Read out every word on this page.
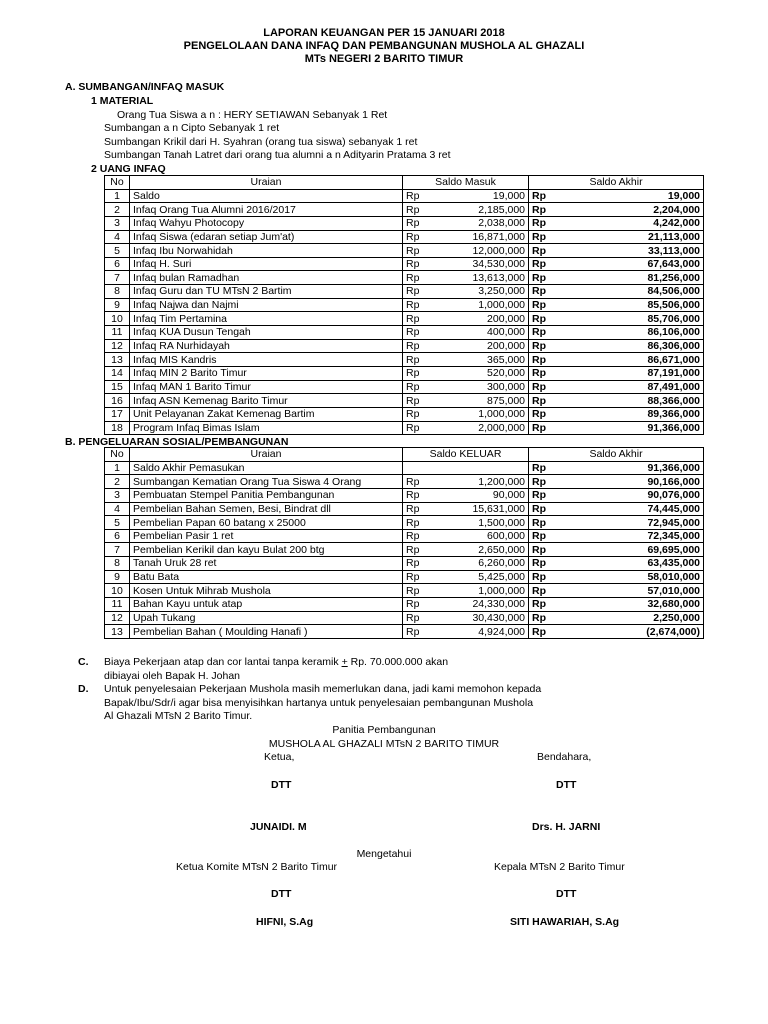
LAPORAN KEUANGAN PER 15 JANUARI 2018
PENGELOLAAN DANA INFAQ DAN PEMBANGUNAN MUSHOLA AL GHAZALI
MTs NEGERI 2 BARITO TIMUR
A. SUMBANGAN/INFAQ MASUK
1 MATERIAL
Orang Tua Siswa a n : HERY SETIAWAN Sebanyak 1 Ret
Sumbangan a n Cipto Sebanyak 1 ret
Sumbangan Krikil dari H. Syahran (orang tua siswa) sebanyak 1 ret
Sumbangan Tanah Latret dari orang tua alumni a n Adityarin Pratama 3 ret
2 UANG INFAQ
No	Uraian	Saldo Masuk		Saldo Akhir	
1	Saldo	Rp	19,000	Rp	19,000
2	Infaq Orang Tua Alumni 2016/2017	Rp	2,185,000	Rp	2,204,000
3	Infaq Wahyu Photocopy	Rp	2,038,000	Rp	4,242,000
4	Infaq Siswa (edaran setiap Jum'at)	Rp	16,871,000	Rp	21,113,000
5	Infaq Ibu Norwahidah	Rp	12,000,000	Rp	33,113,000
6	Infaq H. Suri	Rp	34,530,000	Rp	67,643,000
7	Infaq bulan Ramadhan	Rp	13,613,000	Rp	81,256,000
8	Infaq Guru dan TU MTsN 2 Bartim	Rp	3,250,000	Rp	84,506,000
9	Infaq Najwa dan Najmi	Rp	1,000,000	Rp	85,506,000
10	Infaq Tim Pertamina	Rp	200,000	Rp	85,706,000
11	Infaq KUA Dusun Tengah	Rp	400,000	Rp	86,106,000
12	Infaq RA Nurhidayah	Rp	200,000	Rp	86,306,000
13	Infaq MIS Kandris	Rp	365,000	Rp	86,671,000
14	Infaq MIN 2 Barito Timur	Rp	520,000	Rp	87,191,000
15	Infaq MAN 1 Barito Timur	Rp	300,000	Rp	87,491,000
16	Infaq ASN Kemenag Barito Timur	Rp	875,000	Rp	88,366,000
17	Unit Pelayanan Zakat Kemenag Bartim	Rp	1,000,000	Rp	89,366,000
18	Program Infaq Bimas Islam	Rp	2,000,000	Rp	91,366,000
B. PENGELUARAN SOSIAL/PEMBANGUNAN
No	Uraian	Saldo KELUAR		Saldo Akhir	
1	Saldo Akhir Pemasukan			Rp	91,366,000
2	Sumbangan Kematian Orang Tua Siswa 4 Orang	Rp	1,200,000	Rp	90,166,000
3	Pembuatan Stempel Panitia Pembangunan	Rp	90,000	Rp	90,076,000
4	Pembelian Bahan Semen, Besi, Bindrat dll	Rp	15,631,000	Rp	74,445,000
5	Pembelian Papan 60 batang x 25000	Rp	1,500,000	Rp	72,945,000
6	Pembelian Pasir 1 ret	Rp	600,000	Rp	72,345,000
7	Pembelian Kerikil dan kayu Bulat 200 btg	Rp	2,650,000	Rp	69,695,000
8	Tanah Uruk 28 ret	Rp	6,260,000	Rp	63,435,000
9	Batu Bata	Rp	5,425,000	Rp	58,010,000
10	Kosen Untuk Mihrab Mushola	Rp	1,000,000	Rp	57,010,000
11	Bahan Kayu untuk atap	Rp	24,330,000	Rp	32,680,000
12	Upah Tukang	Rp	30,430,000	Rp	2,250,000
13	Pembelian Bahan ( Moulding Hanafi )	Rp	4,924,000	Rp	(2,674,000)
C. Biaya Pekerjaan atap dan cor lantai tanpa keramik + Rp. 70.000.000 akan
dibiayai oleh Bapak H. Johan
D. Untuk penyelesaian Pekerjaan Mushola masih memerlukan dana, jadi kami memohon kepada
Bapak/Ibu/Sdr/i agar bisa menyisihkan hartanya untuk penyelesaian pembangunan Mushola
Al Ghazali MTsN 2 Barito Timur.
Panitia Pembangunan
MUSHOLA AL GHAZALI MTsN 2 BARITO TIMUR
Ketua,	Bendahara,
DTT	DTT
JUNAIDI. M	Drs. H. JARNI
Mengetahui
Ketua Komite MTsN 2 Barito Timur	Kepala MTsN 2 Barito Timur
DTT	DTT
HIFNI, S.Ag	SITI HAWARIAH, S.Ag
